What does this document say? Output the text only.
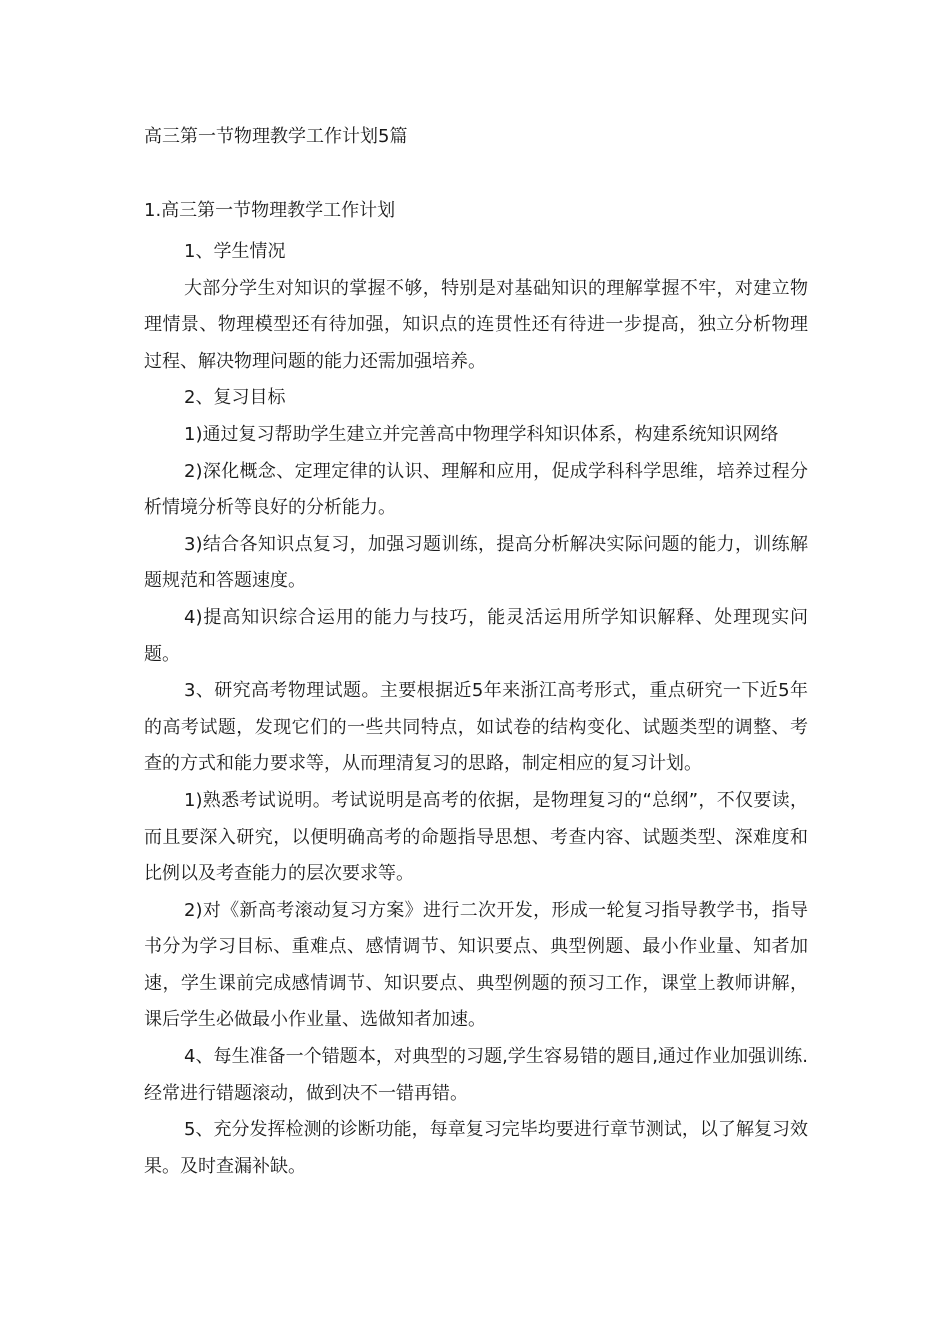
高三第一节物理教学工作计划5篇
1.高三第一节物理教学工作计划

1、学生情况

大部分学生对知识的掌握不够，特别是对基础知识的理解掌握不牢，对建立物理情景、物理模型还有待加强，知识点的连贯性还有待进一步提高，独立分析物理过程、解决物理问题的能力还需加强培养。

2、复习目标

1)通过复习帮助学生建立并完善高中物理学科知识体系，构建系统知识网络

2)深化概念、定理定律的认识、理解和应用，促成学科科学思维，培养过程分析情境分析等良好的分析能力。

3)结合各知识点复习，加强习题训练，提高分析解决实际问题的能力，训练解题规范和答题速度。

4)提高知识综合运用的能力与技巧，能灵活运用所学知识解释、处理现实问题。

3、研究高考物理试题。主要根据近5年来浙江高考形式，重点研究一下近5年的高考试题，发现它们的一些共同特点，如试卷的结构变化、试题类型的调整、考查的方式和能力要求等，从而理清复习的思路，制定相应的复习计划。

1)熟悉考试说明。考试说明是高考的依据，是物理复习的“总纲”，不仅要读，而且要深入研究，以便明确高考的命题指导思想、考查内容、试题类型、深难度和比例以及考查能力的层次要求等。

2)对《新高考滚动复习方案》进行二次开发，形成一轮复习指导教学书，指导书分为学习目标、重难点、感情调节、知识要点、典型例题、最小作业量、知者加速，学生课前完成感情调节、知识要点、典型例题的预习工作，课堂上教师讲解，课后学生必做最小作业量、选做知者加速。

4、每生准备一个错题本，对典型的习题,学生容易错的题目,通过作业加强训练.经常进行错题滚动，做到决不一错再错。

5、充分发挥检测的诊断功能，每章复习完毕均要进行章节测试，以了解复习效果。及时查漏补缺。
